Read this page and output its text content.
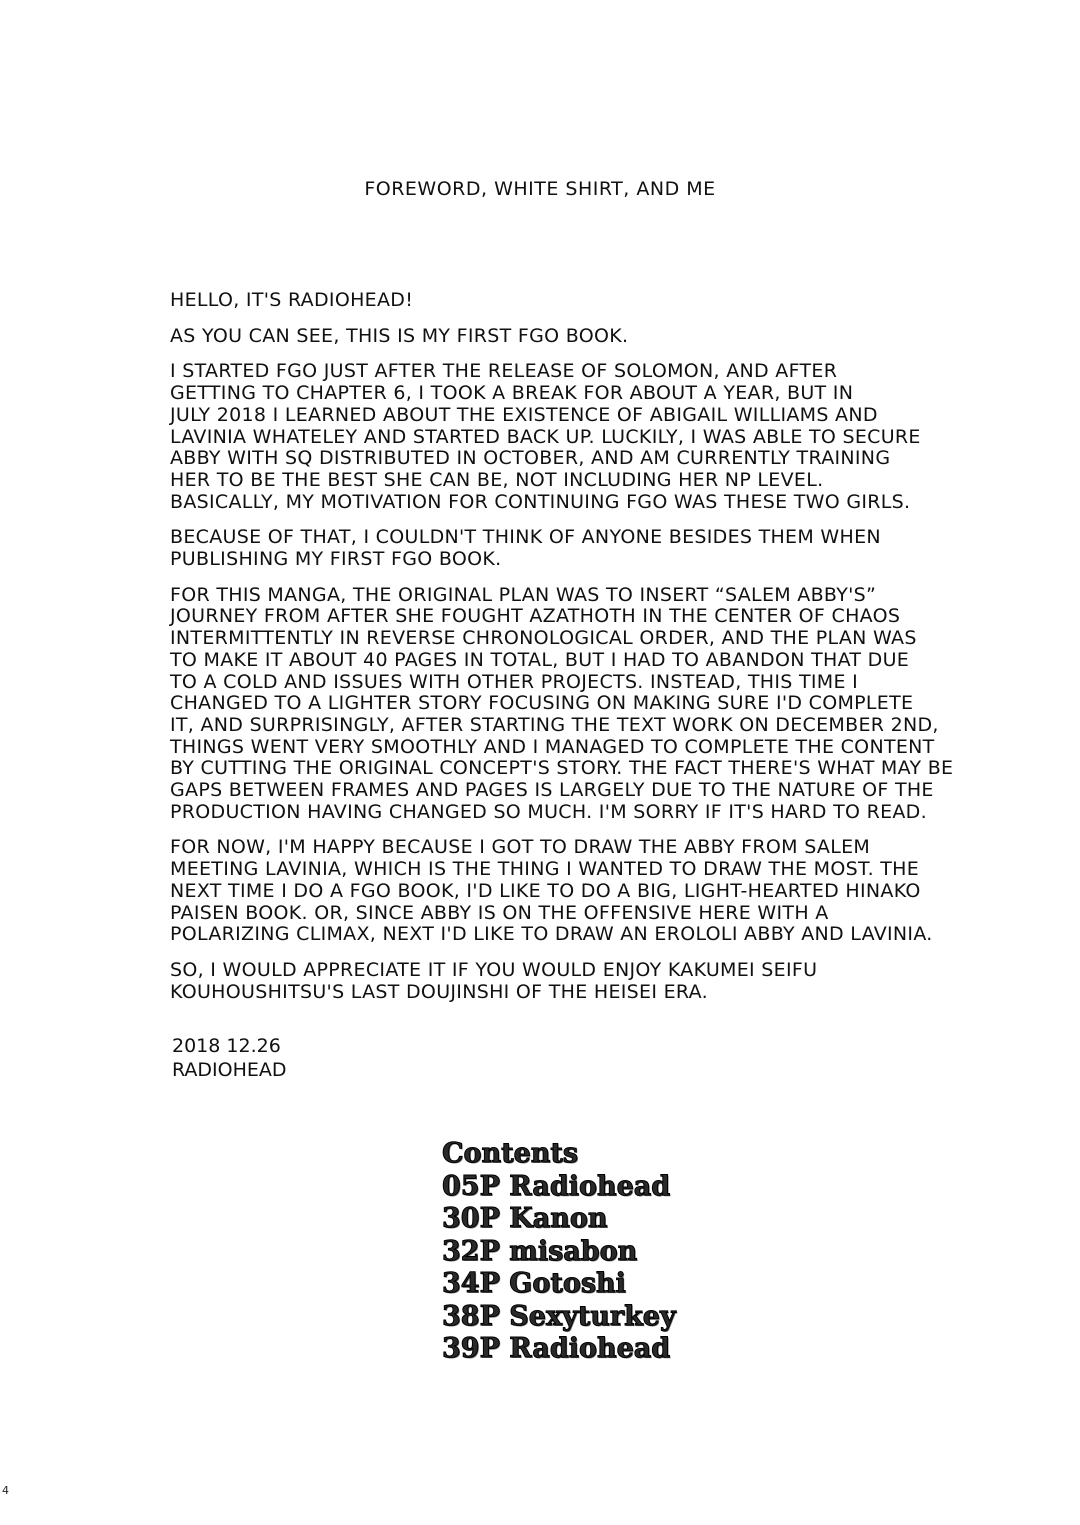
FOREWORD, WHITE SHIRT, AND ME

HELLO, IT'S RADIOHEAD!

AS YOU CAN SEE, THIS IS MY FIRST FGO BOOK.

I STARTED FGO JUST AFTER THE RELEASE OF SOLOMON, AND AFTER
GETTING TO CHAPTER 6, I TOOK A BREAK FOR ABOUT A YEAR, BUT IN
JULY 2018 I LEARNED ABOUT THE EXISTENCE OF ABIGAIL WILLIAMS AND
LAVINIA WHATELEY AND STARTED BACK UP. LUCKILY, I WAS ABLE TO SECURE
ABBY WITH SQ DISTRIBUTED IN OCTOBER, AND AM CURRENTLY TRAINING
HER TO BE THE BEST SHE CAN BE, NOT INCLUDING HER NP LEVEL.
BASICALLY, MY MOTIVATION FOR CONTINUING FGO WAS THESE TWO GIRLS.

BECAUSE OF THAT, I COULDN'T THINK OF ANYONE BESIDES THEM WHEN
PUBLISHING MY FIRST FGO BOOK.

FOR THIS MANGA, THE ORIGINAL PLAN WAS TO INSERT “SALEM ABBY'S”
JOURNEY FROM AFTER SHE FOUGHT AZATHOTH IN THE CENTER OF CHAOS
INTERMITTENTLY IN REVERSE CHRONOLOGICAL ORDER, AND THE PLAN WAS
TO MAKE IT ABOUT 40 PAGES IN TOTAL, BUT I HAD TO ABANDON THAT DUE
TO A COLD AND ISSUES WITH OTHER PROJECTS. INSTEAD, THIS TIME I
CHANGED TO A LIGHTER STORY FOCUSING ON MAKING SURE I'D COMPLETE
IT, AND SURPRISINGLY, AFTER STARTING THE TEXT WORK ON DECEMBER 2ND,
THINGS WENT VERY SMOOTHLY AND I MANAGED TO COMPLETE THE CONTENT
BY CUTTING THE ORIGINAL CONCEPT'S STORY. THE FACT THERE'S WHAT MAY BE
GAPS BETWEEN FRAMES AND PAGES IS LARGELY DUE TO THE NATURE OF THE
PRODUCTION HAVING CHANGED SO MUCH. I'M SORRY IF IT'S HARD TO READ.

FOR NOW, I'M HAPPY BECAUSE I GOT TO DRAW THE ABBY FROM SALEM
MEETING LAVINIA, WHICH IS THE THING I WANTED TO DRAW THE MOST. THE
NEXT TIME I DO A FGO BOOK, I'D LIKE TO DO A BIG, LIGHT-HEARTED HINAKO
PAISEN BOOK. OR, SINCE ABBY IS ON THE OFFENSIVE HERE WITH A
POLARIZING CLIMAX, NEXT I'D LIKE TO DRAW AN EROLOLI ABBY AND LAVINIA.

SO, I WOULD APPRECIATE IT IF YOU WOULD ENJOY KAKUMEI SEIFU
KOUHOUSHITSU'S LAST DOUJINSHI OF THE HEISEI ERA.

2018 12.26
RADIOHEAD
Contents
05P Radiohead
30P Kanon
32P misabon
34P Gotoshi
38P Sexyturkey
39P Radiohead
4
